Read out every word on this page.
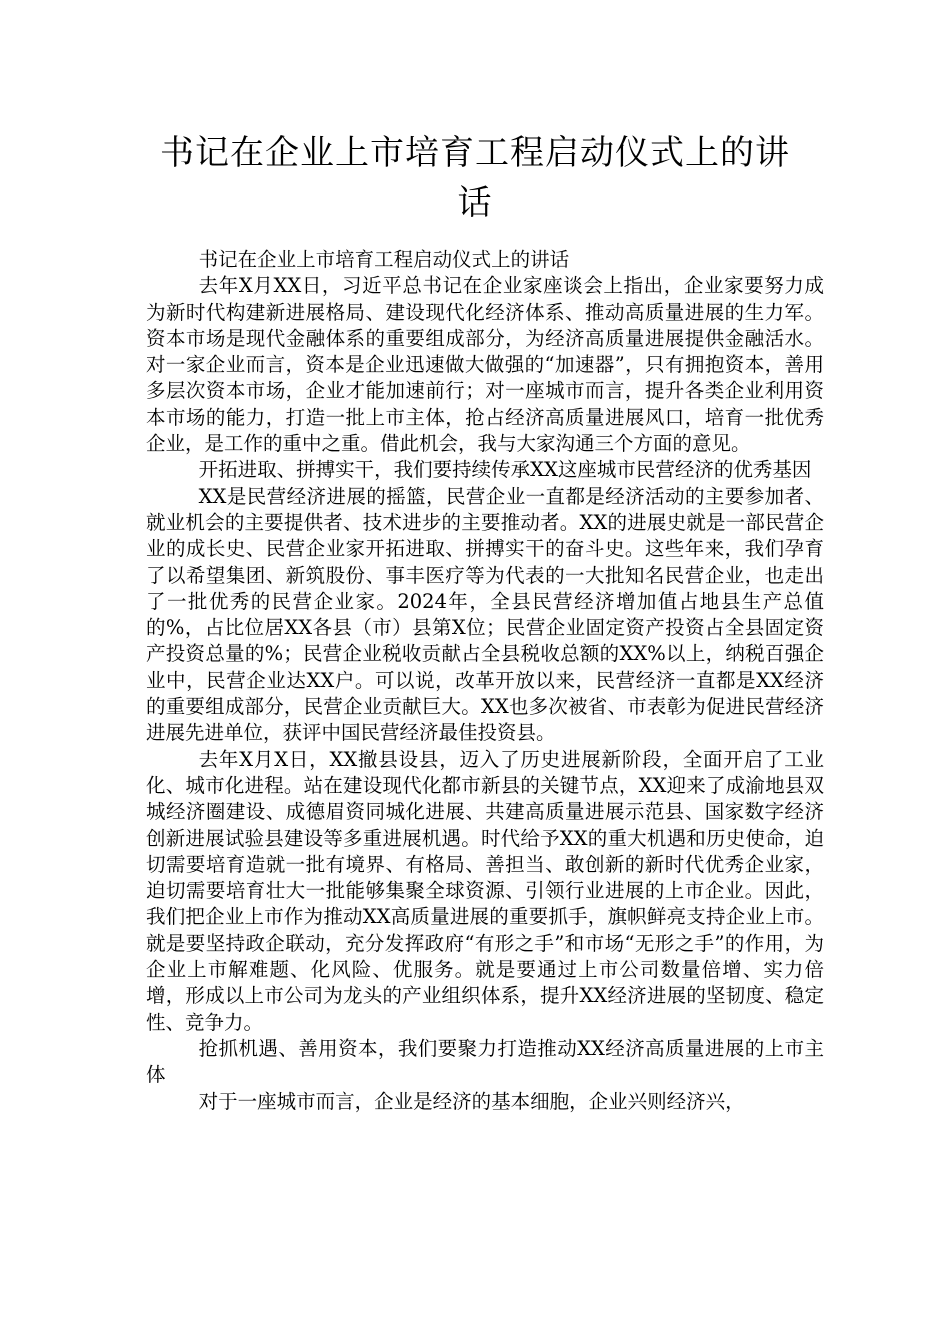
书记在企业上市培育工程启动仪式上的讲话

书记在企业上市培育工程启动仪式上的讲话

去年X月XX日，习近平总书记在企业家座谈会上指出，企业家要努力成为新时代构建新进展格局、建设现代化经济体系、推动高质量进展的生力军。资本市场是现代金融体系的重要组成部分，为经济高质量进展提供金融活水。对一家企业而言，资本是企业迅速做大做强的“加速器”，只有拥抱资本，善用多层次资本市场，企业才能加速前行；对一座城市而言，提升各类企业利用资本市场的能力，打造一批上市主体，抢占经济高质量进展风口，培育一批优秀企业，是工作的重中之重。借此机会，我与大家沟通三个方面的意见。

开拓进取、拼搏实干，我们要持续传承XX这座城市民营经济的优秀基因

XX是民营经济进展的摇篮，民营企业一直都是经济活动的主要参加者、就业机会的主要提供者、技术进步的主要推动者。XX的进展史就是一部民营企业的成长史、民营企业家开拓进取、拼搏实干的奋斗史。这些年来，我们孕育了以希望集团、新筑股份、事丰医疗等为代表的一大批知名民营企业，也走出了一批优秀的民营企业家。2024年，全县民营经济增加值占地县生产总值的%，占比位居XX各县（市）县第X位；民营企业固定资产投资占全县固定资产投资总量的%；民营企业税收贡献占全县税收总额的XX%以上，纳税百强企业中，民营企业达XX户。可以说，改革开放以来，民营经济一直都是XX经济的重要组成部分，民营企业贡献巨大。XX也多次被省、市表彰为促进民营经济进展先进单位，获评中国民营经济最佳投资县。

去年X月X日，XX撤县设县，迈入了历史进展新阶段，全面开启了工业化、城市化进程。站在建设现代化都市新县的关键节点，XX迎来了成渝地县双城经济圈建设、成德眉资同城化进展、共建高质量进展示范县、国家数字经济创新进展试验县建设等多重进展机遇。时代给予XX的重大机遇和历史使命，迫切需要培育造就一批有境界、有格局、善担当、敢创新的新时代优秀企业家，迫切需要培育壮大一批能够集聚全球资源、引领行业进展的上市企业。因此，我们把企业上市作为推动XX高质量进展的重要抓手，旗帜鲜亮支持企业上市。就是要坚持政企联动，充分发挥政府“有形之手”和市场“无形之手”的作用，为企业上市解难题、化风险、优服务。就是要通过上市公司数量倍增、实力倍增，形成以上市公司为龙头的产业组织体系，提升XX经济进展的坚韧度、稳定性、竞争力。

抢抓机遇、善用资本，我们要聚力打造推动XX经济高质量进展的上市主体

对于一座城市而言，企业是经济的基本细胞，企业兴则经济兴，
